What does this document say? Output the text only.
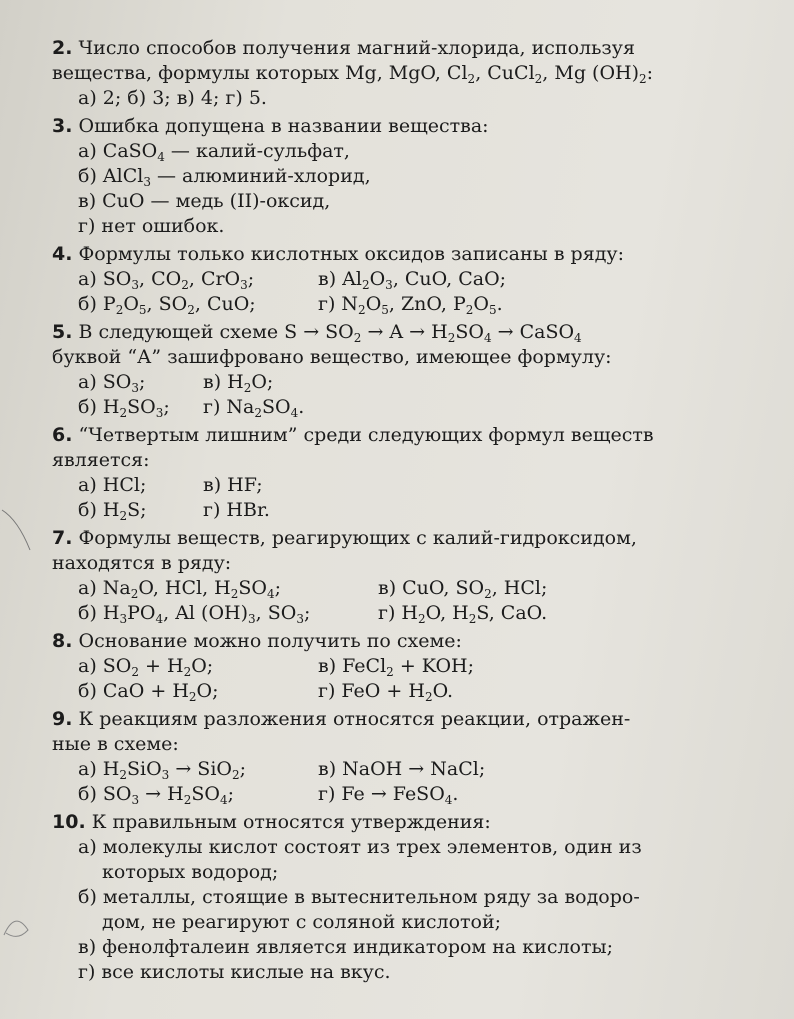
2. Число способов получения магний-хлорида, используя
вещества, формулы которых Mg, MgO, $Cl_2$, CuCl$_2$, Mg $(OH)_2$:
а) 2; б) 3; в) 4; г) 5.
3. Ошибка допущена в названии вещества:
а) CaSO$_4$ — калий-сульфат,
б) AlCl$_3$ — алюминий-хлорид,
в) CuO — медь (II)-оксид,
г) нет ошибок.
4. Формулы только кислотных оксидов записаны в ряду:
а) $SO_3$, $CO_2$, CrO$_3$;	в) $Al_2O_3$, CuO, CaO;
б) $P_2O_5$, $SO_2$, CuO;	г) $N_2O_5$, ZnO, $P_2O_5$.
5. В следующей схеме $S \to SO_2 \to A \to H_2SO_4$ → CaSO$_4$
буквой “А” зашифровано вещество, имеющее формулу:
а) $SO_3$;	в) $H_2O$;
б) $H_2SO_3$;	г) $Na_2SO_4$.
6. “Четвертым лишним” среди следующих формул веществ
является:
а) HCl;	в) HF;
б) $H_2S$;	г) HBr.
7. Формулы веществ, реагирующих с калий-гидроксидом,
находятся в ряду:
а) $Na_2O$, HCl, $H_2SO_4$;	в) CuO, $SO_2$, HCl;
б) $H_3PO_4$, Al $(OH)_3$, $SO_3$;	г) $H_2O$, $H_2S$, CaO.
8. Основание можно получить по схеме:
а) $SO_2 + H_2O$;	в) FeCl$_2$ + KOH;
б) CaO + $H_2O$;	г) FeO + $H_2O$.
9. К реакциям разложения относятся реакции, отражен-
ные в схеме:
а) $H_2SiO_3 \to SiO_2$;	в) NaOH → NaCl;
б) $SO_3 \to H_2SO_4$;	г) Fe → FeSO$_4$.
10. К правильным относятся утверждения:
а) молекулы кислот состоят из трех элементов, один из
которых водород;
б) металлы, стоящие в вытеснительном ряду за водоро-
дом, не реагируют с соляной кислотой;
в) фенолфталеин является индикатором на кислоты;
г) все кислоты кислые на вкус.
